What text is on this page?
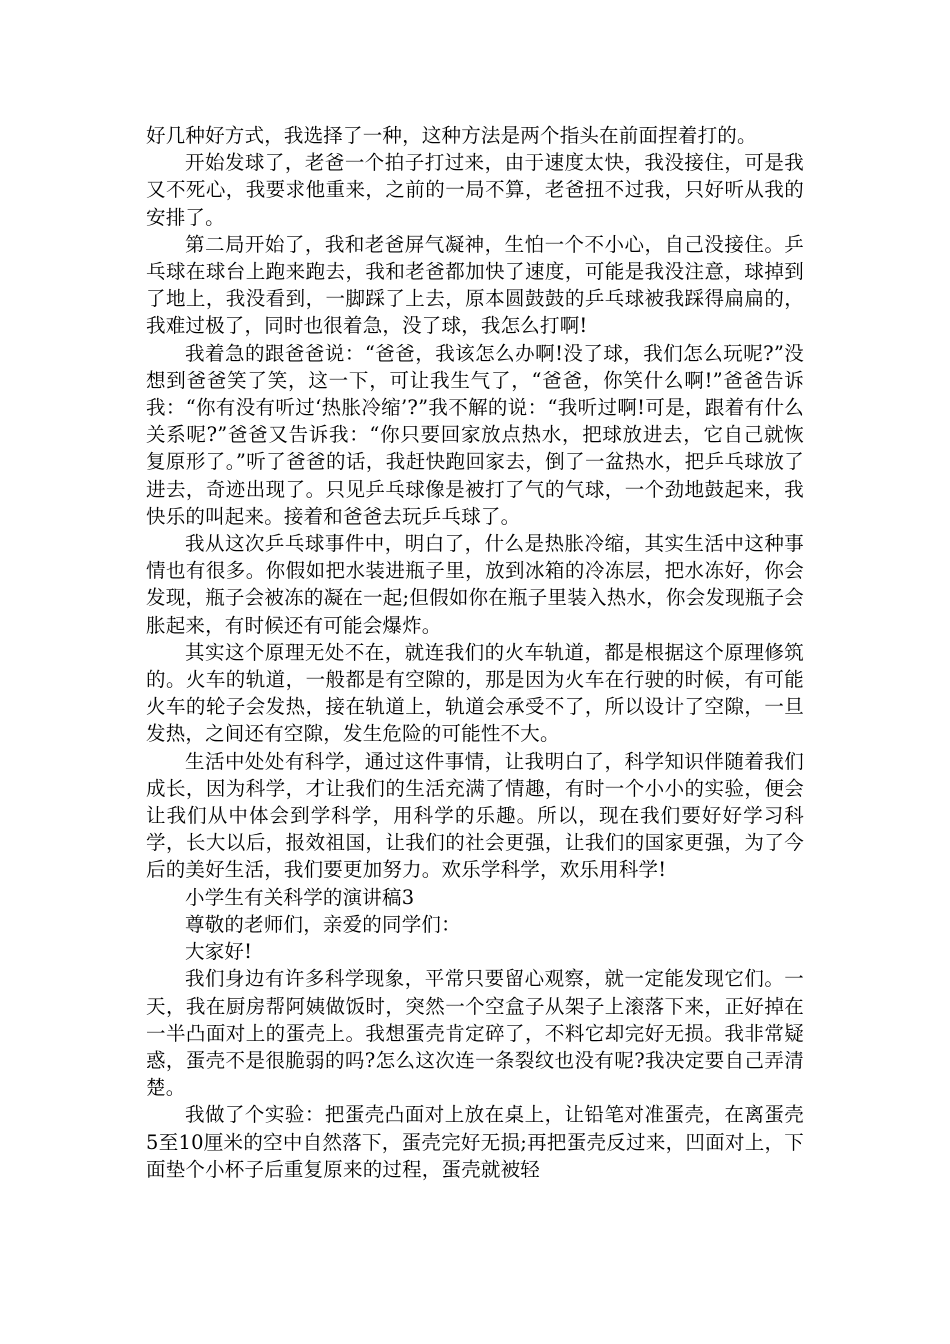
好几种好方式，我选择了一种，这种方法是两个指头在前面捏着打的。

开始发球了，老爸一个拍子打过来，由于速度太快，我没接住，可是我又不死心，我要求他重来，之前的一局不算，老爸扭不过我，只好听从我的安排了。

第二局开始了，我和老爸屏气凝神，生怕一个不小心，自己没接住。乒乓球在球台上跑来跑去，我和老爸都加快了速度，可能是我没注意，球掉到了地上，我没看到，一脚踩了上去，原本圆鼓鼓的乒乓球被我踩得扁扁的，我难过极了，同时也很着急，没了球，我怎么打啊!

我着急的跟爸爸说：“爸爸，我该怎么办啊!没了球，我们怎么玩呢?”没想到爸爸笑了笑，这一下，可让我生气了，“爸爸，你笑什么啊!”爸爸告诉我：“你有没有听过‘热胀冷缩’?”我不解的说：“我听过啊!可是，跟着有什么关系呢?”爸爸又告诉我：“你只要回家放点热水，把球放进去，它自己就恢复原形了。”听了爸爸的话，我赶快跑回家去，倒了一盆热水，把乒乓球放了进去，奇迹出现了。只见乒乓球像是被打了气的气球，一个劲地鼓起来，我快乐的叫起来。接着和爸爸去玩乒乓球了。

我从这次乒乓球事件中，明白了，什么是热胀冷缩，其实生活中这种事情也有很多。你假如把水装进瓶子里，放到冰箱的冷冻层，把水冻好，你会发现，瓶子会被冻的凝在一起;但假如你在瓶子里装入热水，你会发现瓶子会胀起来，有时候还有可能会爆炸。

其实这个原理无处不在，就连我们的火车轨道，都是根据这个原理修筑的。火车的轨道，一般都是有空隙的，那是因为火车在行驶的时候，有可能火车的轮子会发热，接在轨道上，轨道会承受不了，所以设计了空隙，一旦发热，之间还有空隙，发生危险的可能性不大。

生活中处处有科学，通过这件事情，让我明白了，科学知识伴随着我们成长，因为科学，才让我们的生活充满了情趣，有时一个小小的实验，便会让我们从中体会到学科学，用科学的乐趣。所以，现在我们要好好学习科学，长大以后，报效祖国，让我们的社会更强，让我们的国家更强，为了今后的美好生活，我们要更加努力。欢乐学科学，欢乐用科学!

小学生有关科学的演讲稿3

尊敬的老师们，亲爱的同学们：

大家好!

我们身边有许多科学现象，平常只要留心观察，就一定能发现它们。一天，我在厨房帮阿姨做饭时，突然一个空盒子从架子上滚落下来，正好掉在一半凸面对上的蛋壳上。我想蛋壳肯定碎了，不料它却完好无损。我非常疑惑，蛋壳不是很脆弱的吗?怎么这次连一条裂纹也没有呢?我决定要自己弄清楚。

我做了个实验：把蛋壳凸面对上放在桌上，让铅笔对准蛋壳，在离蛋壳5至10厘米的空中自然落下，蛋壳完好无损;再把蛋壳反过来，凹面对上，下面垫个小杯子后重复原来的过程，蛋壳就被轻
